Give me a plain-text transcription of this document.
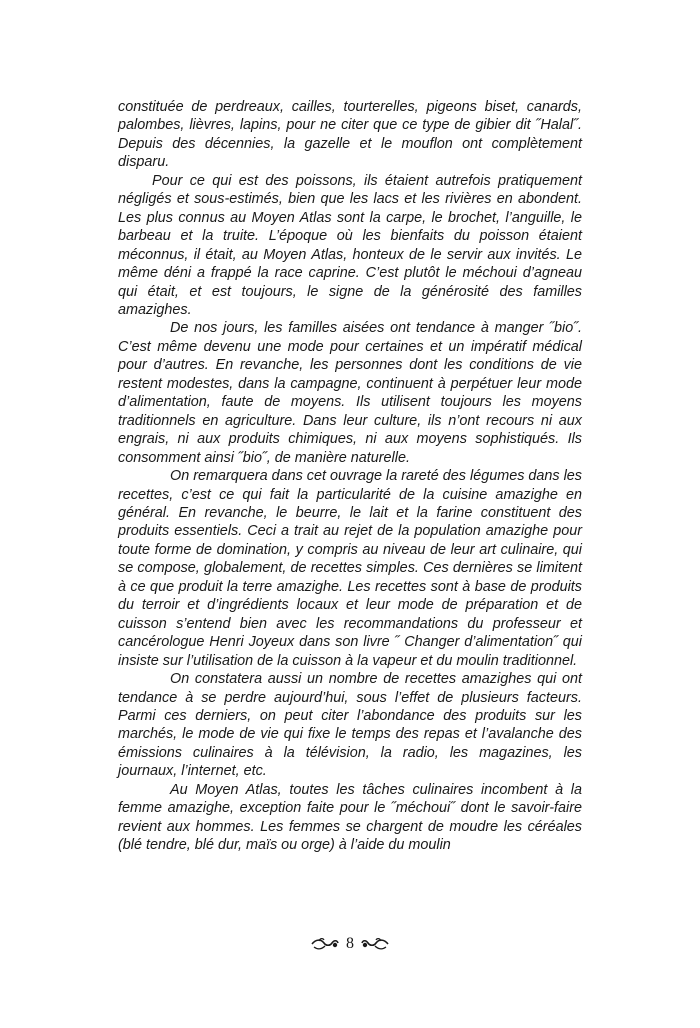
constituée de perdreaux, cailles, tourterelles, pigeons biset, canards, palombes, lièvres, lapins, pour ne citer que ce type de gibier dit ˝Halal˝. Depuis des décennies, la gazelle et le mouflon ont complètement disparu.

Pour ce qui est des poissons, ils étaient autrefois pratiquement négligés et sous-estimés, bien que les lacs et les rivières en abondent. Les plus connus au Moyen Atlas sont la carpe, le brochet, l’anguille, le barbeau et la truite. L’époque où les bienfaits du poisson étaient méconnus, il était, au Moyen Atlas, honteux de le servir aux invités. Le même déni a frappé la race caprine. C’est plutôt le méchoui d’agneau qui était, et est toujours, le signe de la générosité des familles amazighes.

De nos jours, les familles aisées ont tendance à manger ˝bio˝. C’est même devenu une mode pour certaines et un impératif médical pour d’autres. En revanche, les personnes dont les conditions de vie restent modestes, dans la campagne, continuent à perpétuer leur mode d’alimentation, faute de moyens. Ils utilisent toujours les moyens traditionnels en agriculture. Dans leur culture, ils n’ont recours ni aux engrais, ni aux produits chimiques, ni aux moyens sophistiqués. Ils consomment ainsi ˝bio˝, de manière naturelle.

On remarquera dans cet ouvrage la rareté des légumes dans les recettes, c’est ce qui fait la particularité de la cuisine amazighe en général. En revanche, le beurre, le lait et la farine constituent des produits essentiels. Ceci a trait au rejet de la population amazighe pour toute forme de domination, y compris au niveau de leur art culinaire, qui se compose, globalement, de recettes simples. Ces dernières se limitent à ce que produit la terre amazighe. Les recettes sont à base de produits du terroir et d’ingrédients locaux et leur mode de préparation et de cuisson s’entend bien avec les recommandations du professeur et cancérologue Henri Joyeux dans son livre ˝ Changer d’alimentation˝ qui insiste sur l’utilisation de la cuisson à la vapeur et du moulin traditionnel.

On constatera aussi un nombre de recettes amazighes qui ont tendance à se perdre aujourd’hui, sous l’effet de plusieurs facteurs. Parmi ces derniers, on peut citer l’abondance des produits sur les marchés, le mode de vie qui fixe le temps des repas et l’avalanche des émissions culinaires à la télévision, la radio, les magazines, les journaux, l’internet, etc.

Au Moyen Atlas, toutes les tâches culinaires incombent à la femme amazighe, exception faite pour le ˝méchoui˝ dont le savoir-faire revient aux hommes. Les femmes se chargent de moudre les céréales (blé tendre, blé dur, maïs ou orge) à l’aide du moulin

8
